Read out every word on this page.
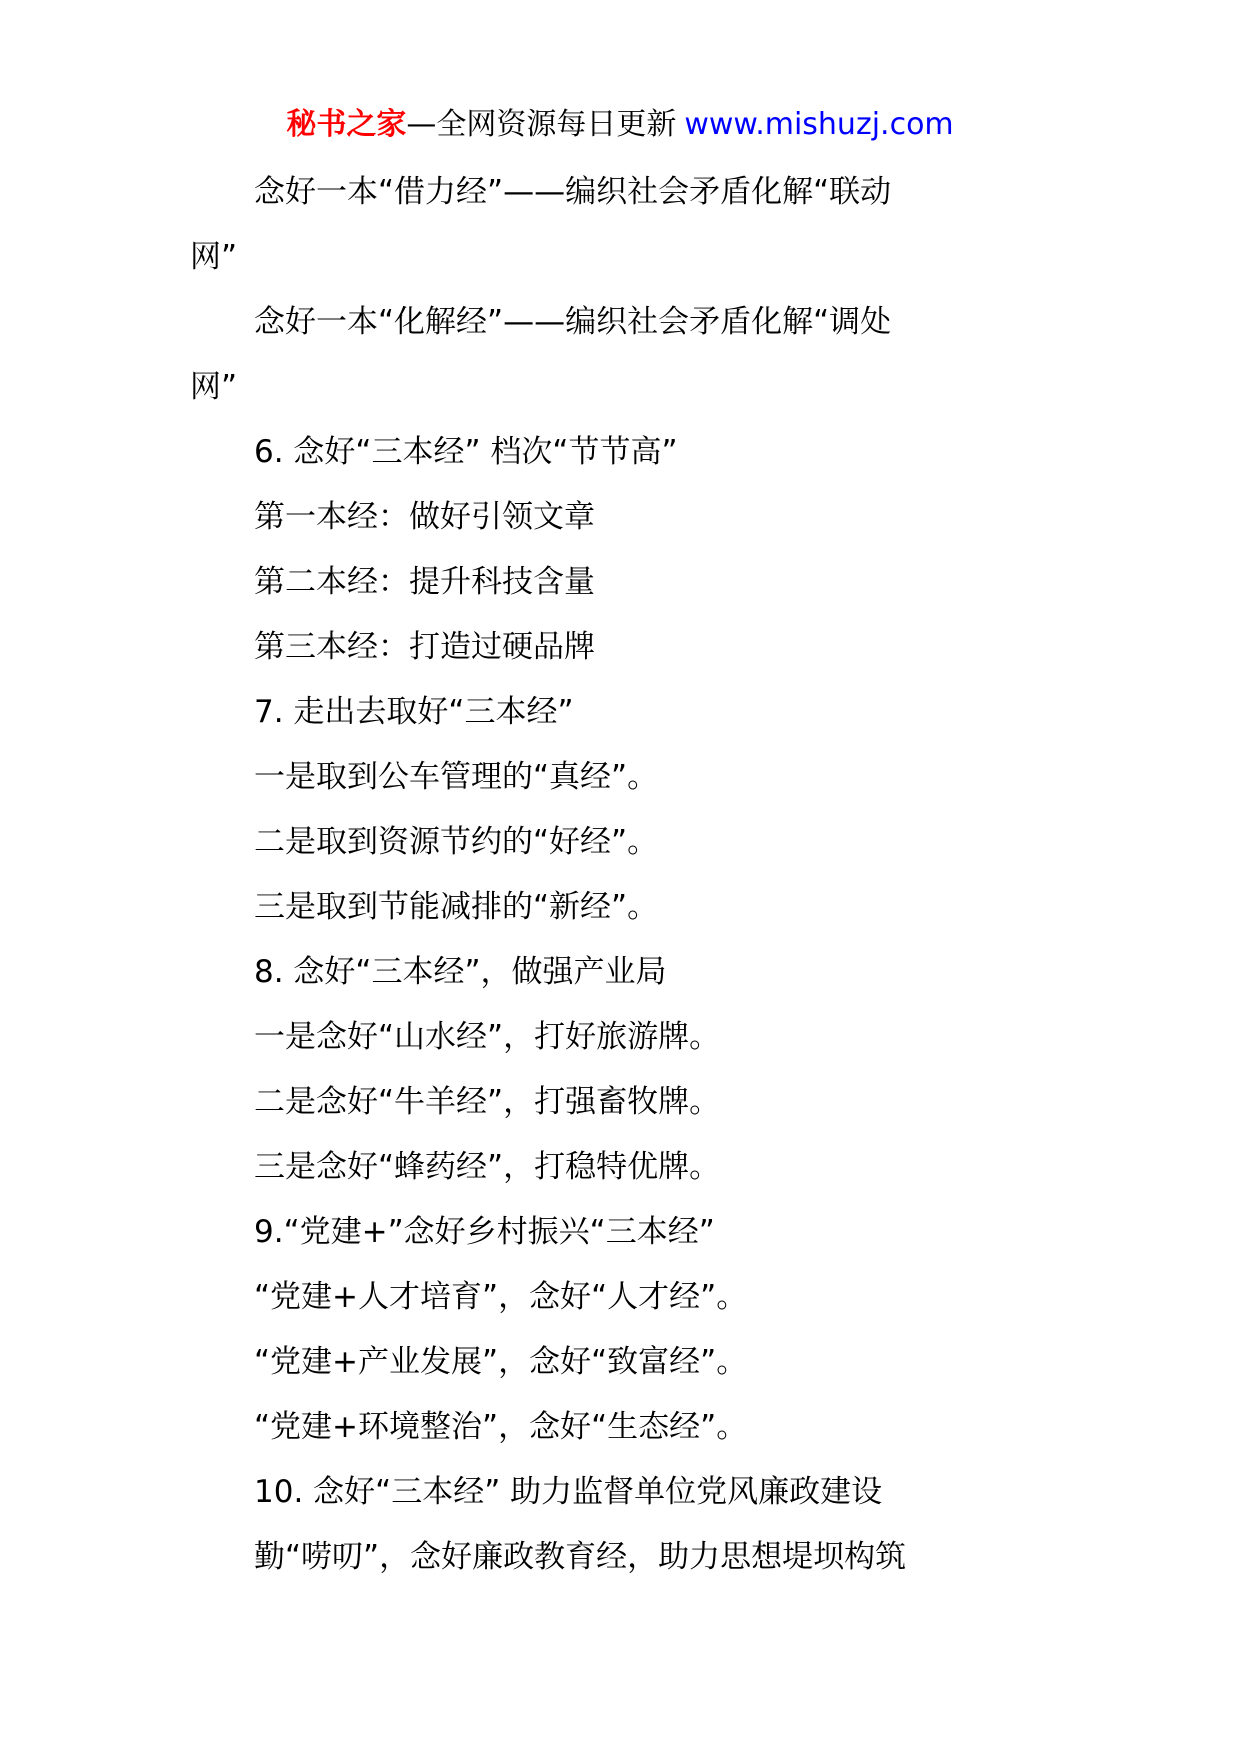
秘书之家—全网资源每日更新 www.mishuzj.com
念好一本“借力经”——编织社会矛盾化解“联动
网”
念好一本“化解经”——编织社会矛盾化解“调处
网”
6. 念好“三本经” 档次“节节高”
第一本经：做好引领文章
第二本经：提升科技含量
第三本经：打造过硬品牌
7. 走出去取好“三本经”
一是取到公车管理的“真经”。
二是取到资源节约的“好经”。
三是取到节能减排的“新经”。
8. 念好“三本经”，做强产业局
一是念好“山水经”，打好旅游牌。
二是念好“牛羊经”，打强畜牧牌。
三是念好“蜂药经”，打稳特优牌。
9.“党建+”念好乡村振兴“三本经”
“党建+人才培育”，念好“人才经”。
“党建+产业发展”，念好“致富经”。
“党建+环境整治”，念好“生态经”。
10. 念好“三本经” 助力监督单位党风廉政建设
勤“唠叨”，念好廉政教育经，助力思想堤坝构筑
